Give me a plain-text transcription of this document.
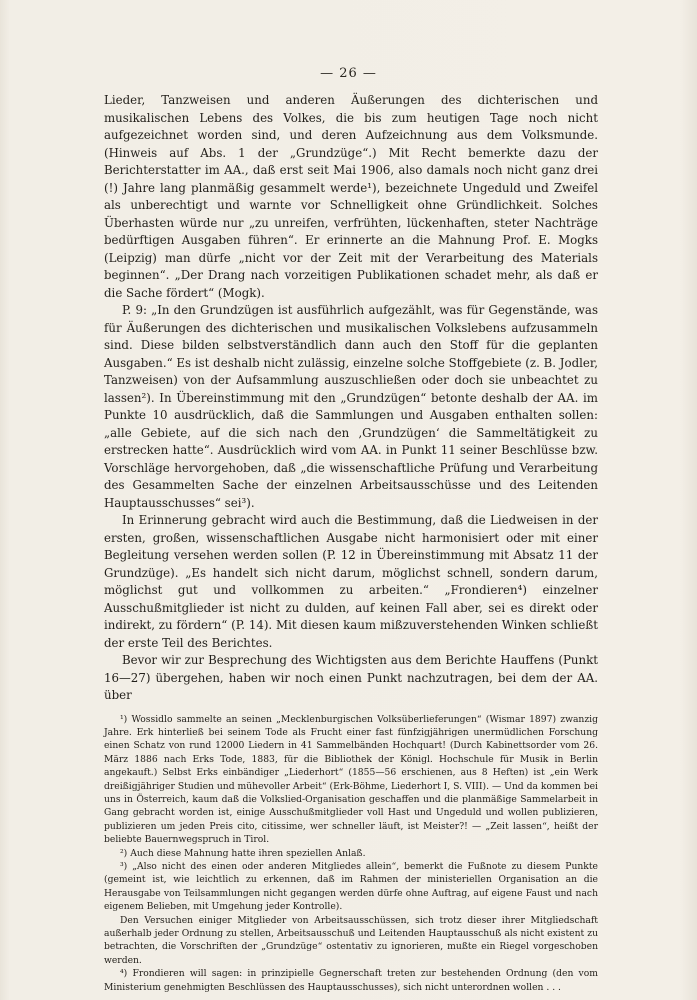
— 26 —

Lieder, Tanzweisen und anderen Äußerungen des dichterischen und musikalischen Lebens des Volkes, die bis zum heutigen Tage noch nicht aufgezeichnet worden sind, und deren Aufzeichnung aus dem Volksmunde. (Hinweis auf Abs. 1 der „Grundzüge“.) Mit Recht bemerkte dazu der Berichterstatter im AA., daß erst seit Mai 1906, also damals noch nicht ganz drei (!) Jahre lang planmäßig gesammelt werde¹), bezeichnete Ungeduld und Zweifel als unberechtigt und warnte vor Schnelligkeit ohne Gründlichkeit. Solches Überhasten würde nur „zu unreifen, verfrühten, lückenhaften, steter Nachträge bedürftigen Ausgaben führen“. Er erinnerte an die Mahnung Prof. E. Mogks (Leipzig) man dürfe „nicht vor der Zeit mit der Verarbeitung des Materials beginnen“. „Der Drang nach vorzeitigen Publikationen schadet mehr, als daß er die Sache fördert“ (Mogk).

P. 9: „In den Grundzügen ist ausführlich aufgezählt, was für Gegenstände, was für Äußerungen des dichterischen und musikalischen Volkslebens aufzusammeln sind. Diese bilden selbstverständlich dann auch den Stoff für die geplanten Ausgaben.“ Es ist deshalb nicht zulässig, einzelne solche Stoffgebiete (z. B. Jodler, Tanzweisen) von der Aufsammlung auszuschließen oder doch sie unbeachtet zu lassen²). In Übereinstimmung mit den „Grundzügen“ betonte deshalb der AA. im Punkte 10 ausdrücklich, daß die Sammlungen und Ausgaben enthalten sollen: „alle Gebiete, auf die sich nach den ‚Grundzügen‘ die Sammeltätigkeit zu erstrecken hatte“. Ausdrücklich wird vom AA. in Punkt 11 seiner Beschlüsse bzw. Vorschläge hervorgehoben, daß „die wissenschaftliche Prüfung und Verarbeitung des Gesammelten Sache der einzelnen Arbeitsausschüsse und des Leitenden Hauptausschusses“ sei³).

In Erinnerung gebracht wird auch die Bestimmung, daß die Liedweisen in der ersten, großen, wissenschaftlichen Ausgabe nicht harmonisiert oder mit einer Begleitung versehen werden sollen (P. 12 in Übereinstimmung mit Absatz 11 der Grundzüge). „Es handelt sich nicht darum, möglichst schnell, sondern darum, möglichst gut und vollkommen zu arbeiten.“ „Frondieren⁴) einzelner Ausschußmitglieder ist nicht zu dulden, auf keinen Fall aber, sei es direkt oder indirekt, zu fördern“ (P. 14). Mit diesen kaum mißzuverstehenden Winken schließt der erste Teil des Berichtes.

Bevor wir zur Besprechung des Wichtigsten aus dem Berichte Hauffens (Punkt 16—27) übergehen, haben wir noch einen Punkt nachzutragen, bei dem der AA. über

¹) Wossidlo sammelte an seinen „Mecklenburgischen Volksüberlieferungen“ (Wismar 1897) zwanzig Jahre. Erk hinterließ bei seinem Tode als Frucht einer fast fünfzigjährigen unermüdlichen Forschung einen Schatz von rund 12000 Liedern in 41 Sammelbänden Hochquart! (Durch Kabinettsorder vom 26. März 1886 nach Erks Tode, 1883, für die Bibliothek der Königl. Hochschule für Musik in Berlin angekauft.) Selbst Erks einbändiger „Liederhort“ (1855—56 erschienen, aus 8 Heften) ist „ein Werk dreißigjähriger Studien und mühevoller Arbeit“ (Erk-Böhme, Liederhort I, S. VIII). — Und da kommen bei uns in Österreich, kaum daß die Volkslied-Organisation geschaffen und die planmäßige Sammelarbeit in Gang gebracht worden ist, einige Ausschußmitglieder voll Hast und Ungeduld und wollen publizieren, publizieren um jeden Preis cito, citissime, wer schneller läuft, ist Meister?! — „Zeit lassen“, heißt der beliebte Bauernwegspruch in Tirol.

²) Auch diese Mahnung hatte ihren speziellen Anlaß.

³) „Also nicht des einen oder anderen Mitgliedes allein“, bemerkt die Fußnote zu diesem Punkte (gemeint ist, wie leichtlich zu erkennen, daß im Rahmen der ministeriellen Organisation an die Herausgabe von Teilsammlungen nicht gegangen werden dürfe ohne Auftrag, auf eigene Faust und nach eigenem Belieben, mit Umgehung jeder Kontrolle).

Den Versuchen einiger Mitglieder von Arbeitsausschüssen, sich trotz dieser ihrer Mitgliedschaft außerhalb jeder Ordnung zu stellen, Arbeitsausschuß und Leitenden Hauptausschuß als nicht existent zu betrachten, die Vorschriften der „Grundzüge“ ostentativ zu ignorieren, mußte ein Riegel vorgeschoben werden.

⁴) Frondieren will sagen: in prinzipielle Gegnerschaft treten zur bestehenden Ordnung (den vom Ministerium genehmigten Beschlüssen des Hauptausschusses), sich nicht unterordnen wollen . . .
